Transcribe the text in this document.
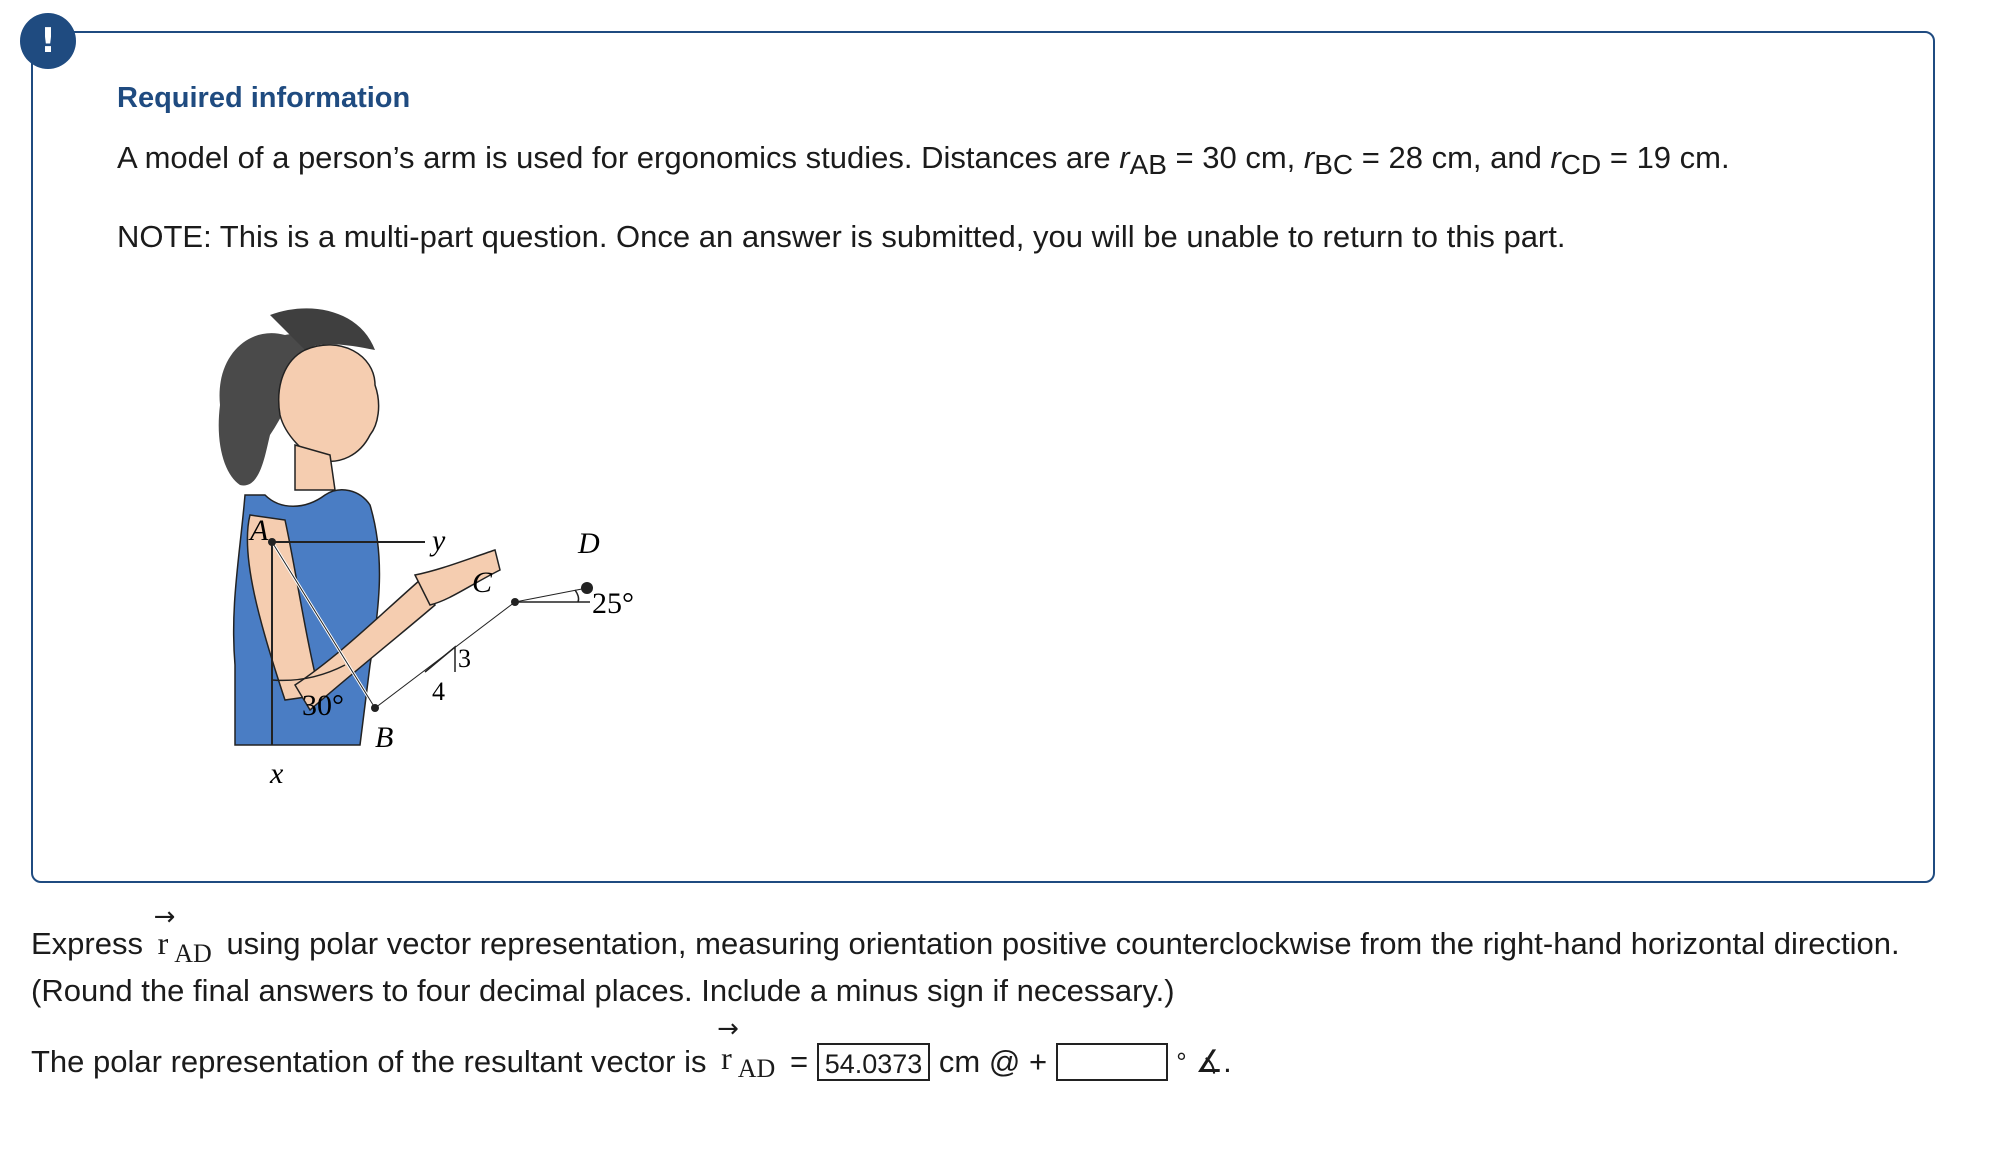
!
Required information
A model of a person’s arm is used for ergonomics studies. Distances are rAB = 30 cm, rBC = 28 cm, and rCD = 19 cm.
NOTE: This is a multi-part question. Once an answer is submitted, you will be unable to return to this part.
A
B
C
D
x
y
30°
25°
3
4
Express
→
r $_{AD}$ using polar vector representation, measuring orientation positive counterclockwise from the right-hand horizontal direction. (Round the final answers to four decimal places. Include a minus sign if necessary.)
The polar representation of the resultant vector is

→
r $_{AD}$
=
54.0373
cm @ +

	°
∡.
